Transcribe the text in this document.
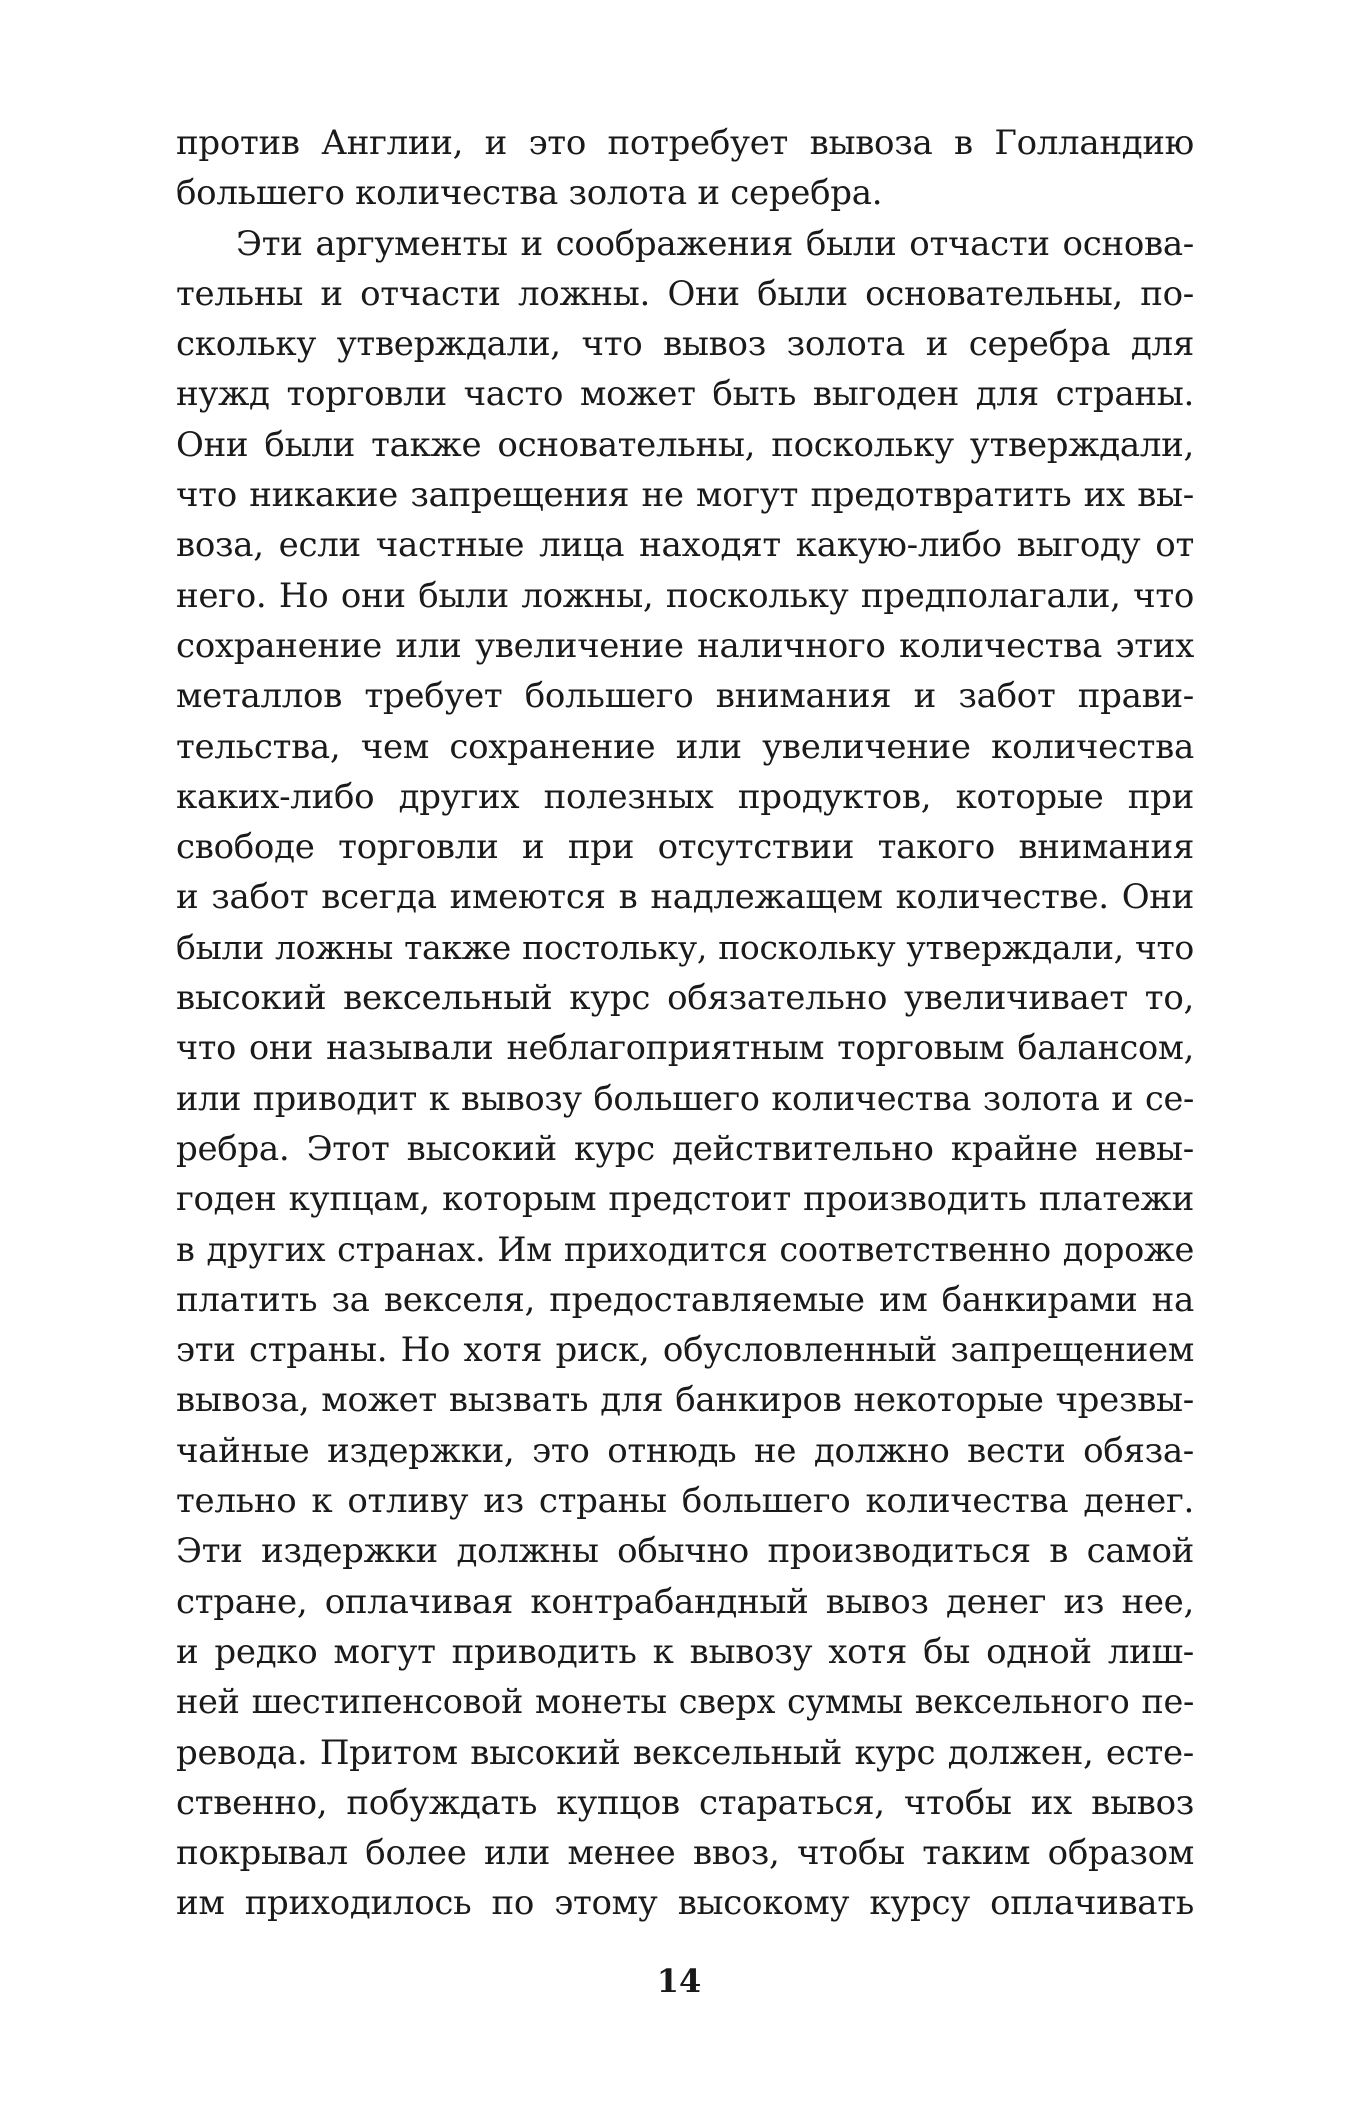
против Англии, и это потребует вывоза в Голландию
большего количества золота и серебра.
Эти аргументы и соображения были отчасти основа-
тельны и отчасти ложны. Они были основательны, по-
скольку утверждали, что вывоз золота и серебра для
нужд торговли часто может быть выгоден для страны.
Они были также основательны, поскольку утверждали,
что никакие запрещения не могут предотвратить их вы-
воза, если частные лица находят какую-либо выгоду от
него. Но они были ложны, поскольку предполагали, что
сохранение или увеличение наличного количества этих
металлов требует большего внимания и забот прави-
тельства, чем сохранение или увеличение количества
каких-либо других полезных продуктов, которые при
свободе торговли и при отсутствии такого внимания
и забот всегда имеются в надлежащем количестве. Они
были ложны также постольку, поскольку утверждали, что
высокий вексельный курс обязательно увеличивает то,
что они называли неблагоприятным торговым балансом,
или приводит к вывозу большего количества золота и се-
ребра. Этот высокий курс действительно крайне невы-
годен купцам, которым предстоит производить платежи
в других странах. Им приходится соответственно дороже
платить за векселя, предоставляемые им банкирами на
эти страны. Но хотя риск, обусловленный запрещением
вывоза, может вызвать для банкиров некоторые чрезвы-
чайные издержки, это отнюдь не должно вести обяза-
тельно к отливу из страны большего количества денег.
Эти издержки должны обычно производиться в самой
стране, оплачивая контрабандный вывоз денег из нее,
и редко могут приводить к вывозу хотя бы одной лиш-
ней шестипенсовой монеты сверх суммы вексельного пе-
ревода. Притом высокий вексельный курс должен, есте-
ственно, побуждать купцов стараться, чтобы их вывоз
покрывал более или менее ввоз, чтобы таким образом
им приходилось по этому высокому курсу оплачивать
14
